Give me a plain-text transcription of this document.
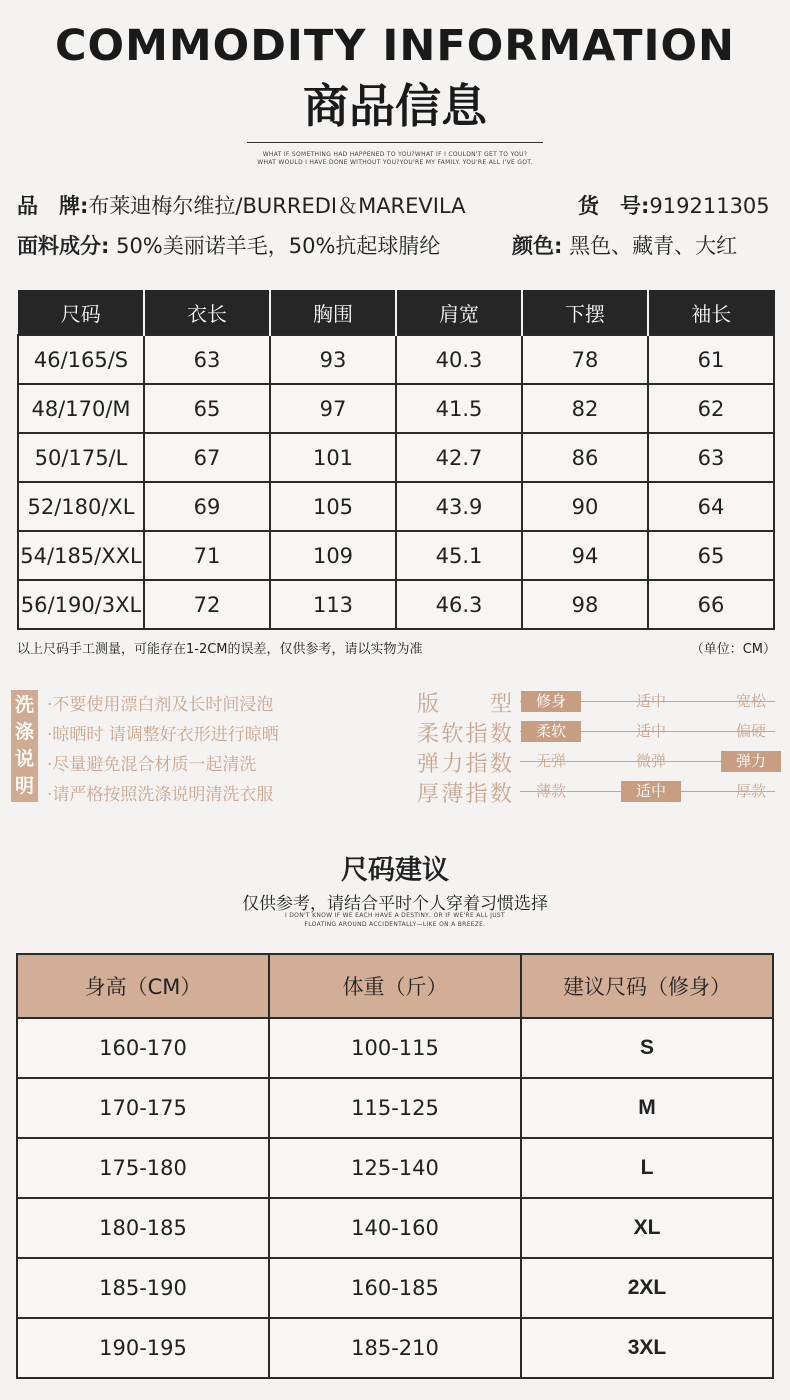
COMMODITY INFORMATION
商品信息
WHAT IF SOMETHING HAD HAPPENED TO YOU?WHAT IF I COULDN'T GET TO YOU?
WHAT WOULD I HAVE DONE WITHOUT YOU?YOU'RE MY FAMILY. YOU'RE ALL I'VE GOT.
品　牌:布莱迪梅尔维拉/BURREDI＆MAREVILA	货　号:919211305
面料成分: 50%美丽诺羊毛，50%抗起球腈纶	颜色: 黑色、藏青、大红
尺码	衣长	胸围	肩宽	下摆	袖长
46/165/S	63	93	40.3	78	61
48/170/M	65	97	41.5	82	62
50/175/L	67	101	42.7	86	63
52/180/XL	69	105	43.9	90	64
54/185/XXL	71	109	45.1	94	65
56/190/3XL	72	113	46.3	98	66
以上尺码手工测量，可能存在1-2CM的误差，仅供参考，请以实物为准	（单位：CM）
洗涤说明
·不要使用漂白剂及长时间浸泡
·晾晒时 请调整好衣形进行晾晒
·尽量避免混合材质一起清洗
·请严格按照洗涤说明清洗衣服
版型	修身	适中	宽松
柔软指数	柔软	适中	偏硬
弹力指数	无弹	微弹	弹力
厚薄指数	薄款	适中	厚款
尺码建议
仅供参考，请结合平时个人穿着习惯选择
I DON'T KNOW IF WE EACH HAVE A DESTINY, OR IF WE'RE ALL JUST
FLOATING AROUND ACCIDENTALLY—LIKE ON A BREEZE.
身高（CM）	体重（斤）	建议尺码（修身）
160-170	100-115	S
170-175	115-125	M
175-180	125-140	L
180-185	140-160	XL
185-190	160-185	2XL
190-195	185-210	3XL
